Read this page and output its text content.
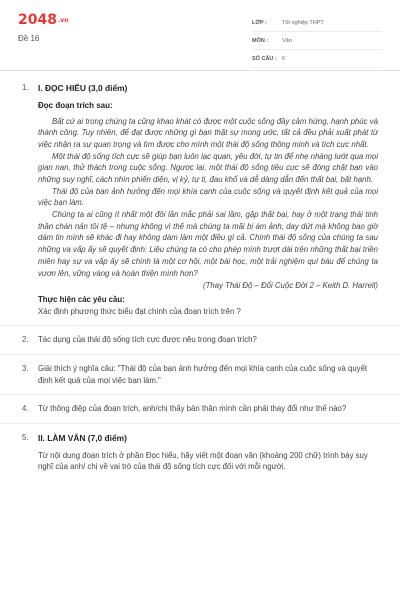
2048.vn
Đề 16
LỚP :	Tốt nghiệp THPT
MÔN :	Văn
SỐ CÂU : 6
1. I. ĐỌC HIỂU (3,0 điểm)
Đọc đoạn trích sau:

Bất cứ ai trong chúng ta cũng khao khát có được một cuộc sống đầy cảm hứng, hạnh phúc và thành công. Tuy nhiên, để đạt được những gì bạn thật sự mong ước, tất cả đều phải xuất phát từ việc nhận ra sự quan trọng và tìm được cho mình một thái độ sống thông minh và tích cực nhất.

Một thái độ sống tích cực sẽ giúp bạn luôn lạc quan, yêu đời, tự tin để nhẹ nhàng lướt qua mọi gian nan, thử thách trong cuộc sống. Ngược lại, một thái độ sống tiêu cực sẽ đóng chặt bạn vào những suy nghĩ, cách nhìn phiến diện, vị kỷ, tự ti, đau khổ và dễ dàng dẫn đến thất bại, bất hạnh.

Thái độ của bạn ảnh hưởng đến mọi khía cạnh của cuộc sống và quyết định kết quả của mọi việc bạn làm.

Chúng ta ai cũng ít nhất một đôi lần mắc phải sai lầm, gặp thất bại, hay ở một trạng thái tinh thần chán nản tồi tệ – nhưng không vì thế mà chúng ta mãi bị ám ảnh, day dứt mà không bao giờ dám tin mình sẽ khác đi hay không dám làm một điều gì cả. Chính thái độ sống của chúng ta sau những va vấp ấy sẽ quyết định: Liệu chúng ta có cho phép mình trượt dài trên những thất bại triền miên hay sự va vấp ấy sẽ chính là một cơ hội, một bài học, một trải nghiệm quí báu để chúng ta vươn lên, vững vàng và hoàn thiện mình hơn?

(Thay Thái Độ – Đổi Cuộc Đời 2 – Keith D. Harrell)
Thực hiện các yêu cầu:
Xác định phương thức biểu đạt chính của đoạn trích trên ?
2. Tác dụng của thái độ sống tích cực được nêu trong đoạn trích?
3. Giải thích ý nghĩa câu: "Thái độ của bạn ảnh hưởng đến mọi khía cạnh của cuộc sống và quyết định kết quả của mọi việc bạn làm."
4. Từ thông điệp của đoạn trích, anh/chị thấy bản thân mình cần phải thay đổi như thế nào?
5. II. LÀM VĂN (7,0 điểm)
Từ nội dung đoạn trích ở phần Đọc hiểu, hãy viết một đoạn văn (khoảng 200 chữ) trình bày suy nghĩ của anh/ chị về vai trò của thái độ sống tích cực đối với mỗi người.
